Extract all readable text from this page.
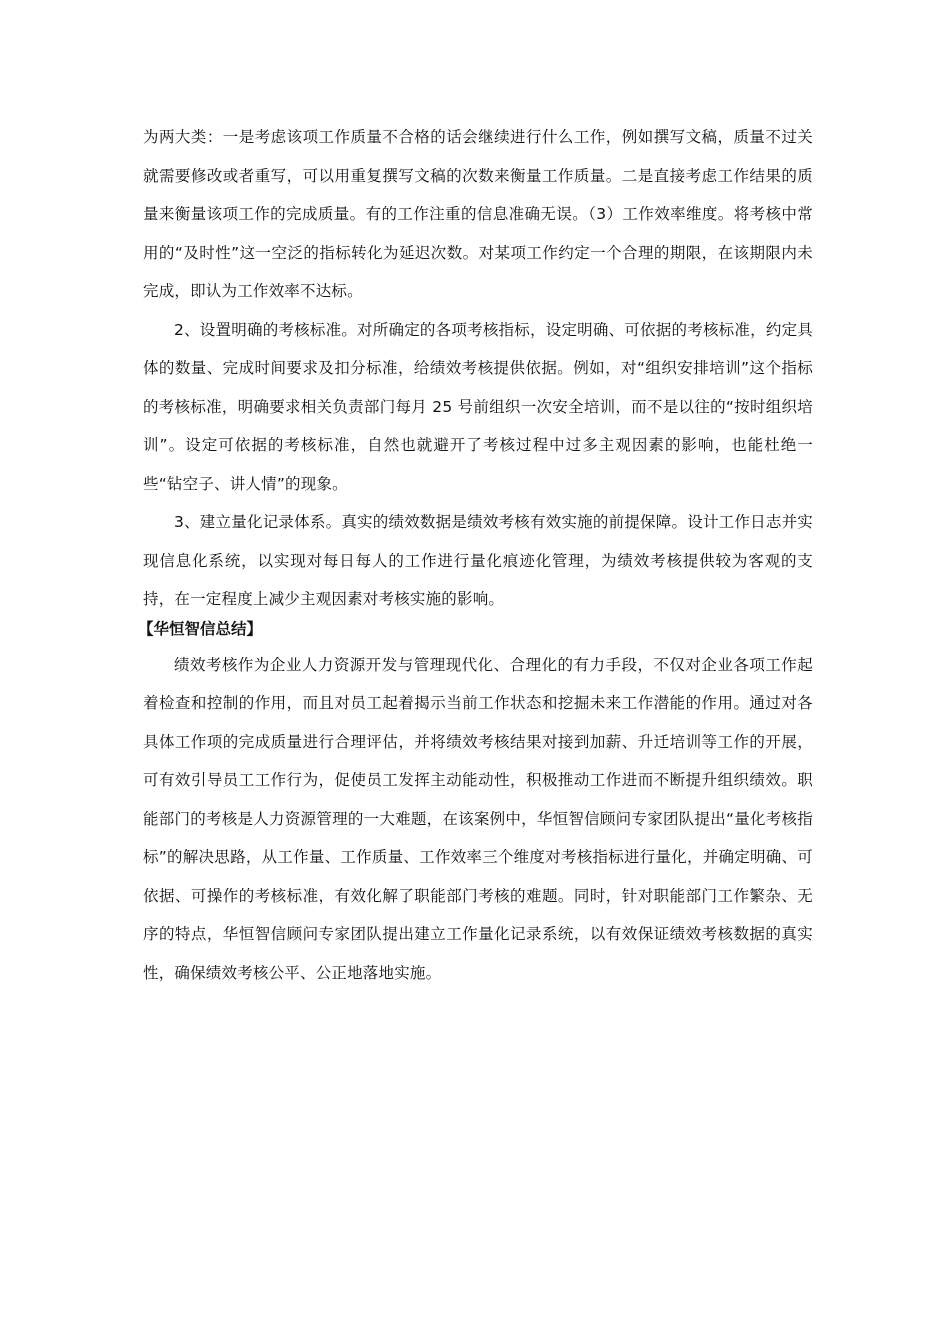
为两大类：一是考虑该项工作质量不合格的话会继续进行什么工作，例如撰写文稿，质量不过关就需要修改或者重写，可以用重复撰写文稿的次数来衡量工作质量。二是直接考虑工作结果的质量来衡量该项工作的完成质量。有的工作注重的信息准确无误。（3）工作效率维度。将考核中常用的“及时性”这一空泛的指标转化为延迟次数。对某项工作约定一个合理的期限，在该期限内未完成，即认为工作效率不达标。

2、设置明确的考核标准。对所确定的各项考核指标，设定明确、可依据的考核标准，约定具体的数量、完成时间要求及扣分标准，给绩效考核提供依据。例如，对“组织安排培训”这个指标的考核标准，明确要求相关负责部门每月 25 号前组织一次安全培训，而不是以往的“按时组织培训”。设定可依据的考核标准，自然也就避开了考核过程中过多主观因素的影响，也能杜绝一些“钻空子、讲人情”的现象。

3、建立量化记录体系。真实的绩效数据是绩效考核有效实施的前提保障。设计工作日志并实现信息化系统，以实现对每日每人的工作进行量化痕迹化管理，为绩效考核提供较为客观的支持，在一定程度上减少主观因素对考核实施的影响。

【华恒智信总结】

绩效考核作为企业人力资源开发与管理现代化、合理化的有力手段，不仅对企业各项工作起着检查和控制的作用，而且对员工起着揭示当前工作状态和挖掘未来工作潜能的作用。通过对各具体工作项的完成质量进行合理评估，并将绩效考核结果对接到加薪、升迁培训等工作的开展，可有效引导员工工作行为，促使员工发挥主动能动性，积极推动工作进而不断提升组织绩效。职能部门的考核是人力资源管理的一大难题，在该案例中，华恒智信顾问专家团队提出“量化考核指标”的解决思路，从工作量、工作质量、工作效率三个维度对考核指标进行量化，并确定明确、可依据、可操作的考核标准，有效化解了职能部门考核的难题。同时，针对职能部门工作繁杂、无序的特点，华恒智信顾问专家团队提出建立工作量化记录系统，以有效保证绩效考核数据的真实性，确保绩效考核公平、公正地落地实施。
